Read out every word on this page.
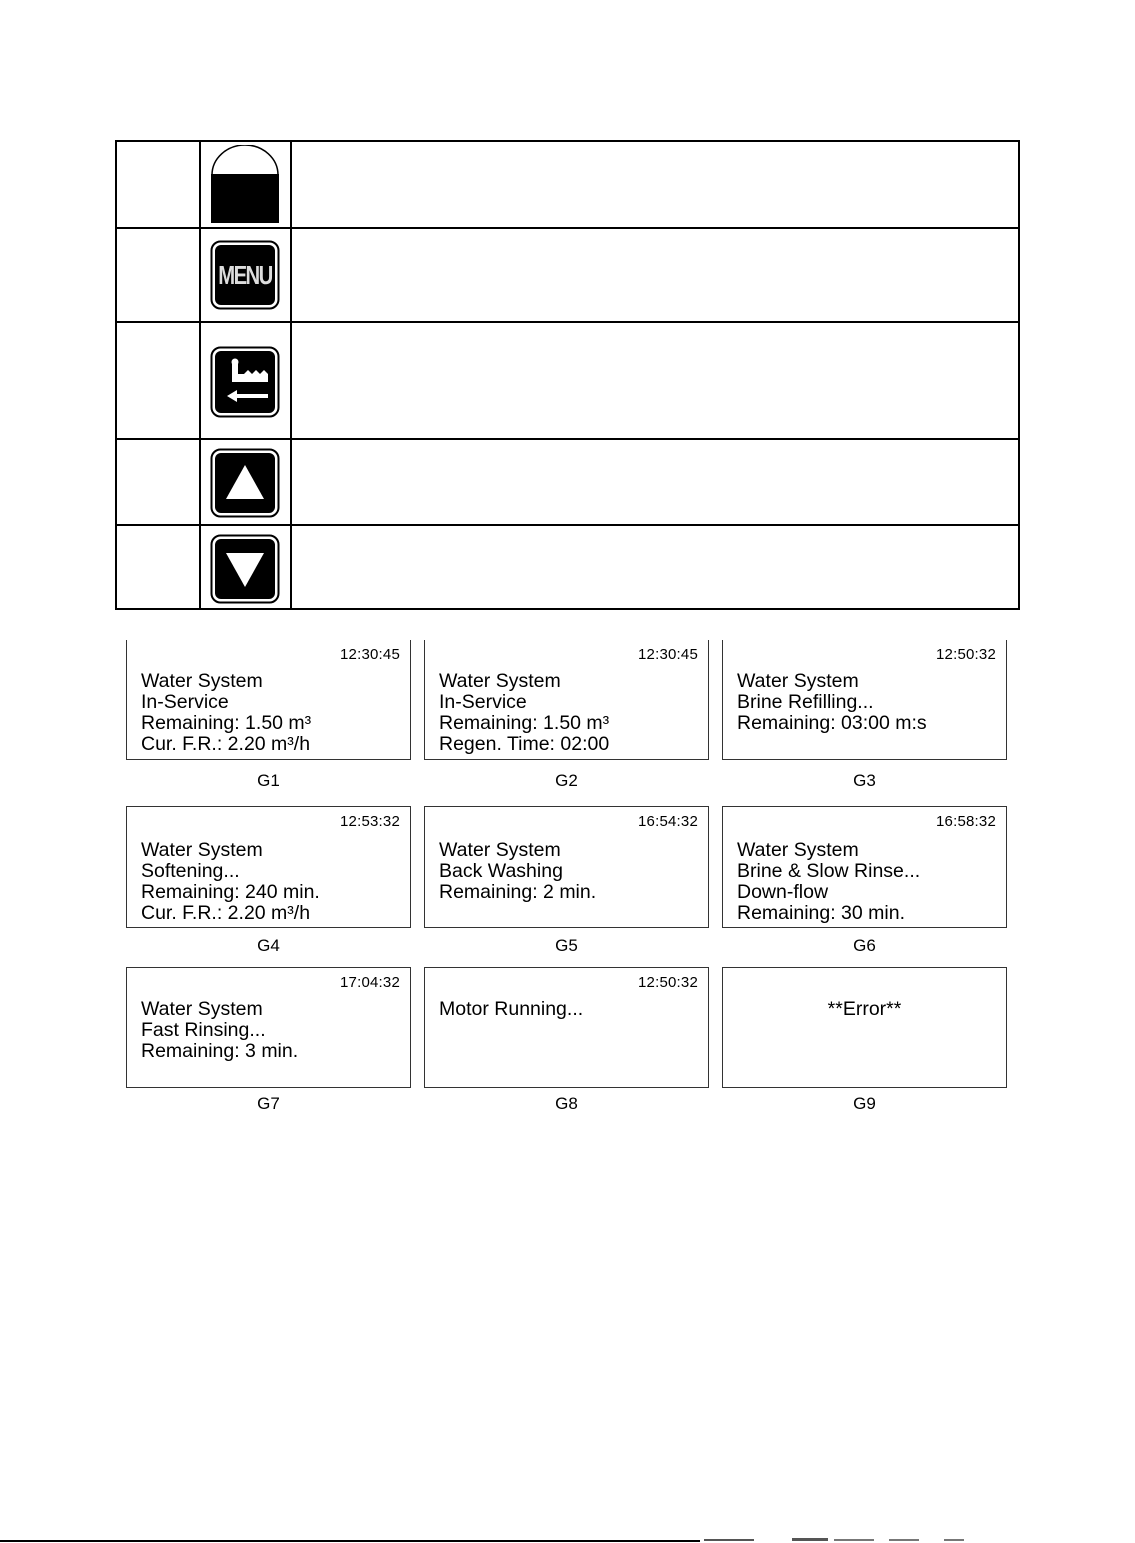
MENU
12:30:45
Water System
In-Service
Remaining: 1.50 m³
Cur. F.R.: 2.20 m³/h
G1
12:30:45
Water System
In-Service
Remaining: 1.50 m³
Regen. Time: 02:00
G2
12:50:32
Water System
Brine Refilling...
Remaining: 03:00 m:s
G3
12:53:32
Water System
Softening...
Remaining: 240 min.
Cur. F.R.: 2.20 m³/h
G4
16:54:32
Water System
Back Washing
Remaining: 2 min.
G5
16:58:32
Water System
Brine & Slow Rinse...
Down-flow
Remaining: 30 min.
G6
17:04:32
Water System
Fast Rinsing...
Remaining: 3 min.
G7
12:50:32
Motor Running...
G8
**Error**
G9
